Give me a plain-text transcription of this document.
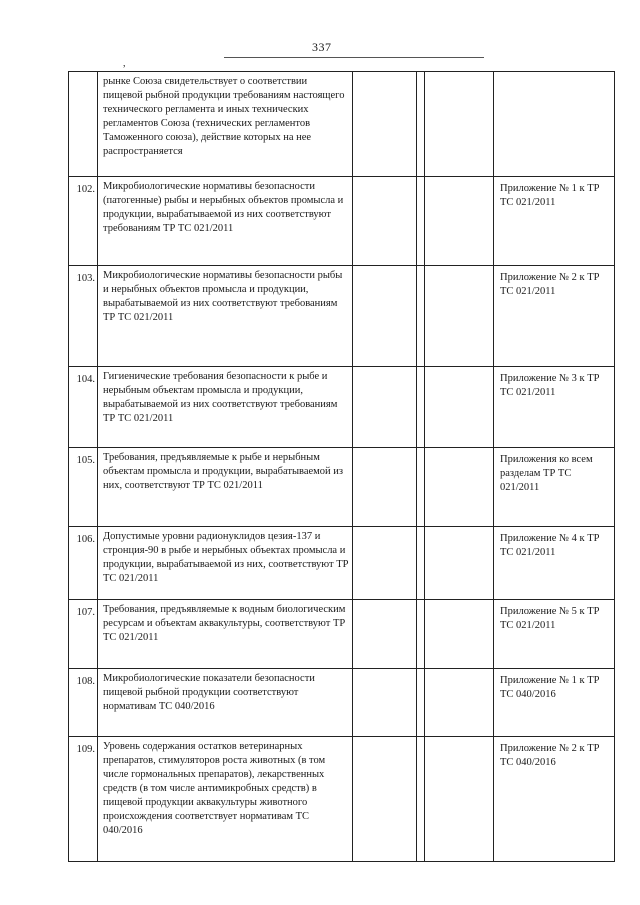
337
,
	рынке Союза свидетельствует о соответствии пищевой рыбной продукции требованиям настоящего технического регламента и иных технических регламентов Союза (технических регламентов Таможенного союза), действие которых на нее распространяется				
102.	Микробиологические нормативы безопасности (патогенные) рыбы и нерыбных объектов промысла и продукции, вырабатываемой из них соответствуют требованиям ТР ТС 021/2011				Приложение № 1 к ТР ТС 021/2011
103.	Микробиологические нормативы безопасности рыбы и нерыбных объектов промысла и продукции, вырабатываемой из них соответствуют требованиям ТР ТС 021/2011				Приложение № 2 к ТР ТС 021/2011
104.	Гигиенические требования безопасности к рыбе и нерыбным объектам промысла и продукции, вырабатываемой из них соответствуют требованиям ТР ТС 021/2011				Приложение № 3 к ТР ТС 021/2011
105.	Требования, предъявляемые к рыбе и нерыбным объектам промысла и продукции, вырабатываемой из них, соответствуют ТР ТС 021/2011				Приложения ко всем разделам ТР ТС 021/2011
106.	Допустимые уровни радионуклидов цезия-137 и стронция-90 в рыбе и нерыбных объектах промысла и продукции, вырабатываемой из них, соответствуют ТР ТС 021/2011				Приложение № 4 к ТР ТС 021/2011
107.	Требования, предъявляемые к водным биологическим ресурсам и объектам аквакультуры, соответствуют ТР ТС 021/2011				Приложение № 5 к ТР ТС 021/2011
108.	Микробиологические показатели безопасности пищевой рыбной продукции соответствуют нормативам ТС 040/2016				Приложение № 1 к ТР ТС 040/2016
109.	Уровень содержания остатков ветеринарных препаратов, стимуляторов роста животных (в том числе гормональных препаратов), лекарственных средств (в том числе антимикробных средств) в пищевой продукции аквакультуры животного происхождения соответствует нормативам ТС 040/2016				Приложение № 2 к ТР ТС 040/2016
